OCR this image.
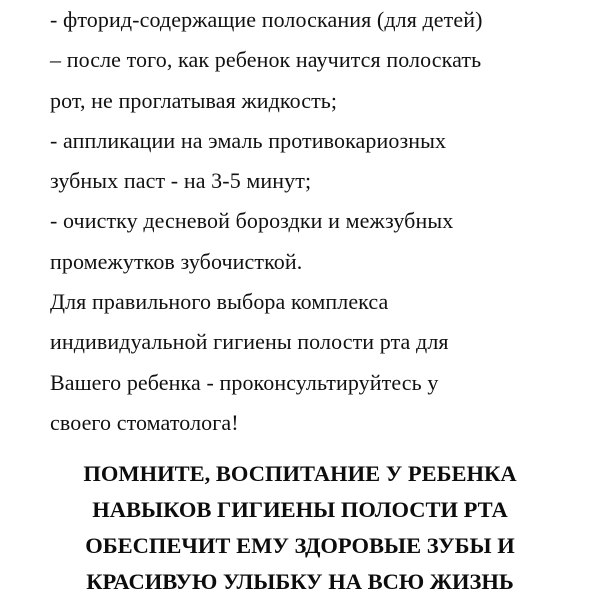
- фторид-содержащие полоскания (для детей)
– после того, как ребенок научится полоскать
рот, не проглатывая жидкость;
- аппликации на эмаль противокариозных
зубных паст - на 3-5 минут;
- очистку десневой бороздки и межзубных
промежутков зубочисткой.
Для правильного выбора комплекса
индивидуальной гигиены полости рта для
Вашего ребенка - проконсультируйтесь у
своего стоматолога!
ПОМНИТЕ, ВОСПИТАНИЕ У РЕБЕНКА
НАВЫКОВ ГИГИЕНЫ ПОЛОСТИ РТА
ОБЕСПЕЧИТ ЕМУ ЗДОРОВЫЕ ЗУБЫ И
КРАСИВУЮ УЛЫБКУ НА ВСЮ ЖИЗНЬ
